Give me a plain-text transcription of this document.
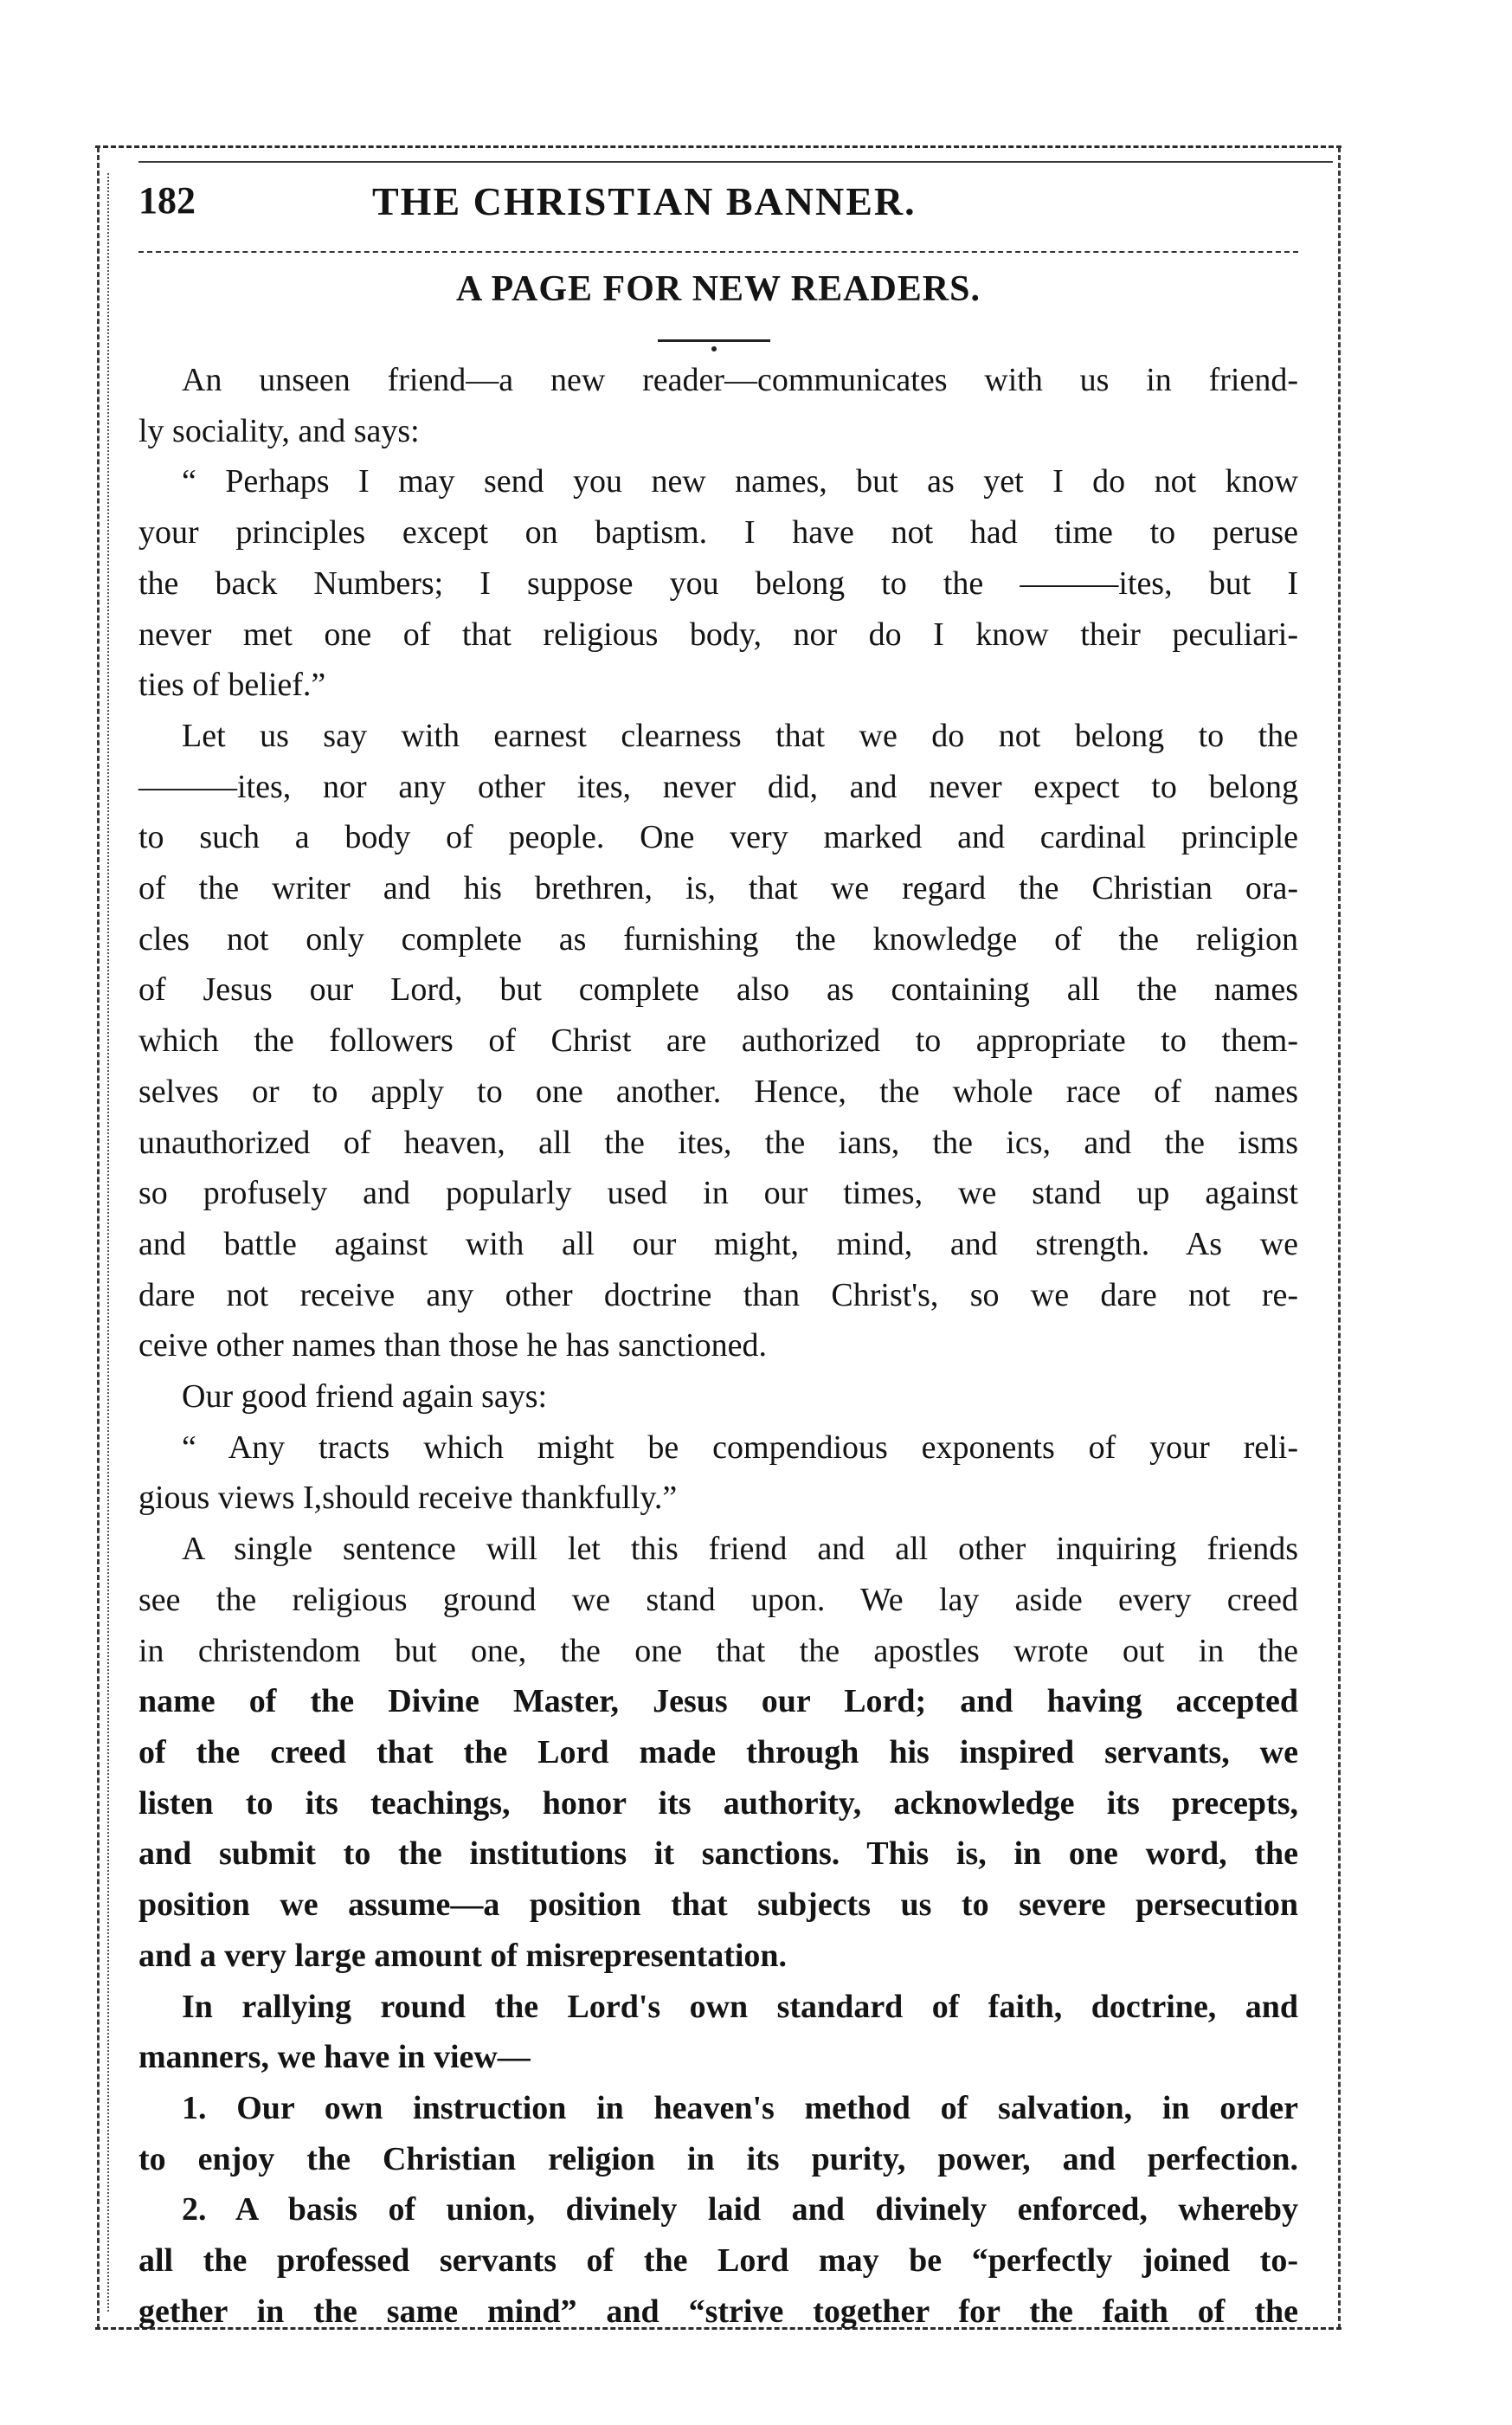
182	THE CHRISTIAN BANNER.
A PAGE FOR NEW READERS.

An unseen friend—a new reader—communicates with us in friend-
ly sociality, and says:

“ Perhaps I may send you new names, but as yet I do not know
your principles except on baptism. I have not had time to peruse
the back Numbers; I suppose you belong to the ———ites, but I
never met one of that religious body, nor do I know their peculiari-
ties of belief.”

Let us say with earnest clearness that we do not belong to the
———ites, nor any other ites, never did, and never expect to belong
to such a body of people. One very marked and cardinal principle
of the writer and his brethren, is, that we regard the Christian ora-
cles not only complete as furnishing the knowledge of the religion
of Jesus our Lord, but complete also as containing all the names
which the followers of Christ are authorized to appropriate to them-
selves or to apply to one another. Hence, the whole race of names
unauthorized of heaven, all the ites, the ians, the ics, and the isms
so profusely and popularly used in our times, we stand up against
and battle against with all our might, mind, and strength. As we
dare not receive any other doctrine than Christ's, so we dare not re-
ceive other names than those he has sanctioned.

Our good friend again says:

“ Any tracts which might be compendious exponents of your reli-
gious views I,should receive thankfully.”

A single sentence will let this friend and all other inquiring friends
see the religious ground we stand upon. We lay aside every creed
in christendom but one, the one that the apostles wrote out in the
name of the Divine Master, Jesus our Lord; and having accepted
of the creed that the Lord made through his inspired servants, we
listen to its teachings, honor its authority, acknowledge its precepts,
and submit to the institutions it sanctions. This is, in one word, the
position we assume—a position that subjects us to severe persecution
and a very large amount of misrepresentation.

In rallying round the Lord's own standard of faith, doctrine, and
manners, we have in view—

1. Our own instruction in heaven's method of salvation, in order
to enjoy the Christian religion in its purity, power, and perfection.

2. A basis of union, divinely laid and divinely enforced, whereby
all the professed servants of the Lord may be “perfectly joined to-
gether in the same mind” and “strive together for the faith of the
